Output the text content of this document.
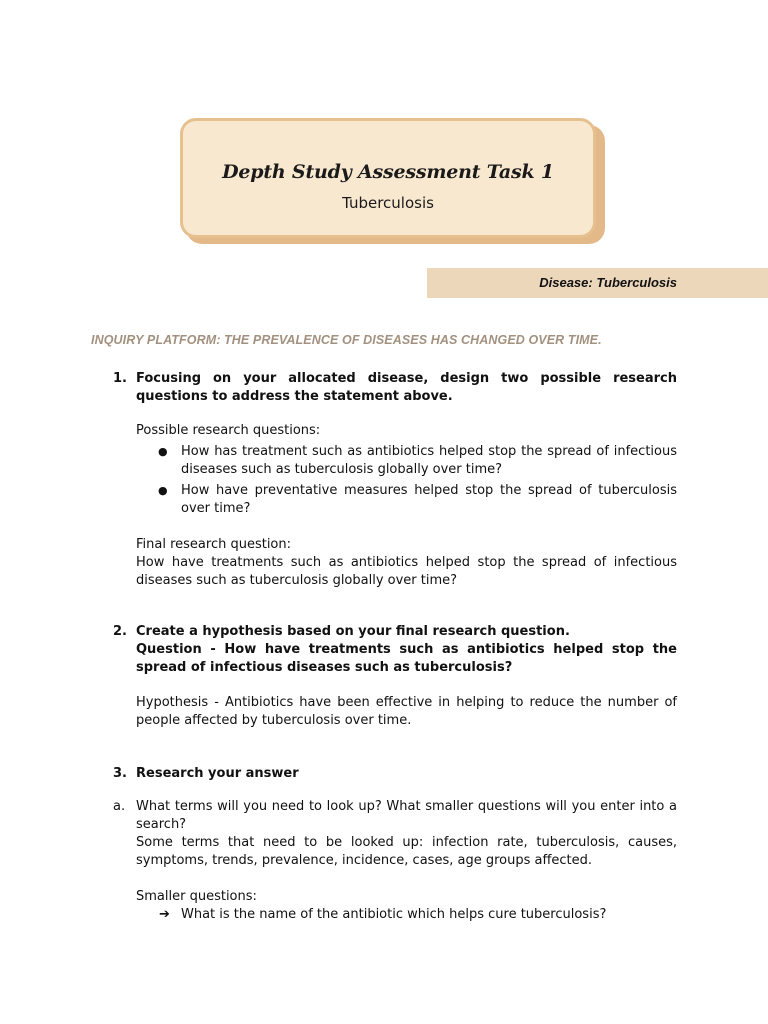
Depth Study Assessment Task 1
Tuberculosis
Disease: Tuberculosis
INQUIRY PLATFORM: THE PREVALENCE OF DISEASES HAS CHANGED OVER TIME.
1. Focusing on your allocated disease, design two possible research questions to address the statement above.
Possible research questions:
● How has treatment such as antibiotics helped stop the spread of infectious diseases such as tuberculosis globally over time?
● How have preventative measures helped stop the spread of tuberculosis over time?
Final research question:
How have treatments such as antibiotics helped stop the spread of infectious diseases such as tuberculosis globally over time?
2. Create a hypothesis based on your final research question.
Question - How have treatments such as antibiotics helped stop the spread of infectious diseases such as tuberculosis?
Hypothesis - Antibiotics have been effective in helping to reduce the number of people affected by tuberculosis over time.
3. Research your answer
a. What terms will you need to look up? What smaller questions will you enter into a search?
Some terms that need to be looked up: infection rate, tuberculosis, causes, symptoms, trends, prevalence, incidence, cases, age groups affected.
Smaller questions:
➔ What is the name of the antibiotic which helps cure tuberculosis?
